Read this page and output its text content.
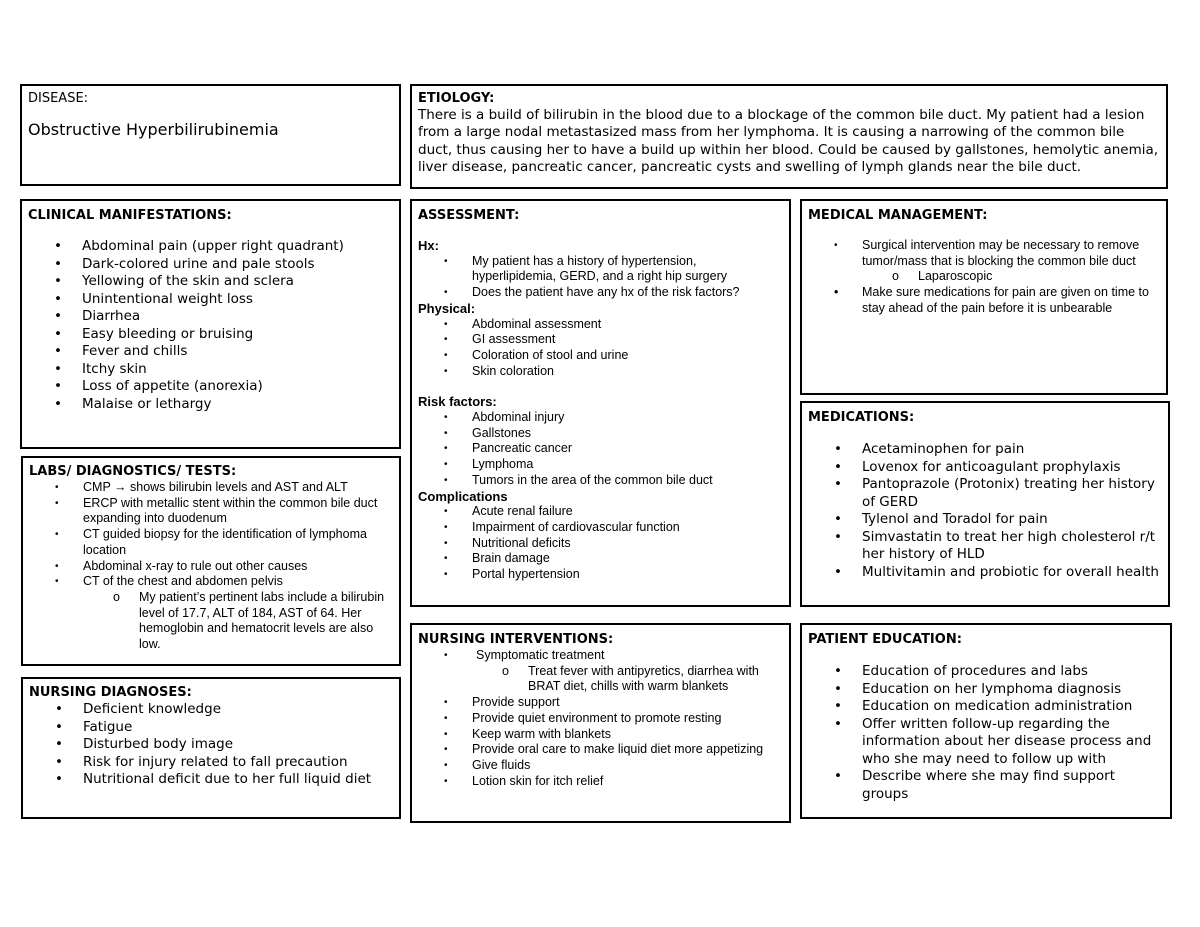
DISEASE:
Obstructive Hyperbilirubinemia
ETIOLOGY:
There is a build of bilirubin in the blood due to a blockage of the common bile duct. My patient had a lesion from a large nodal metastasized mass from her lymphoma. It is causing a narrowing of the common bile duct, thus causing her to have a build up within her blood. Could be caused by gallstones, hemolytic anemia, liver disease, pancreatic cancer, pancreatic cysts and swelling of lymph glands near the bile duct.
CLINICAL MANIFESTATIONS:
• Abdominal pain (upper right quadrant)
• Dark-colored urine and pale stools
• Yellowing of the skin and sclera
• Unintentional weight loss
• Diarrhea
• Easy bleeding or bruising
• Fever and chills
• Itchy skin
• Loss of appetite (anorexia)
• Malaise or lethargy
LABS/ DIAGNOSTICS/ TESTS:
• CMP → shows bilirubin levels and AST and ALT
• ERCP with metallic stent within the common bile duct expanding into duodenum
• CT guided biopsy for the identification of lymphoma location
• Abdominal x-ray to rule out other causes
• CT of the chest and abdomen pelvis
o My patient’s pertinent labs include a bilirubin level of 17.7, ALT of 184, AST of 64. Her hemoglobin and hematocrit levels are also low.
NURSING DIAGNOSES:
• Deficient knowledge
• Fatigue
• Disturbed body image
• Risk for injury related to fall precaution
• Nutritional deficit due to her full liquid diet
ASSESSMENT:
Hx:
• My patient has a history of hypertension, hyperlipidemia, GERD, and a right hip surgery
• Does the patient have any hx of the risk factors?
Physical:
• Abdominal assessment
• GI assessment
• Coloration of stool and urine
• Skin coloration
Risk factors:
• Abdominal injury
• Gallstones
• Pancreatic cancer
• Lymphoma
• Tumors in the area of the common bile duct
Complications
• Acute renal failure
• Impairment of cardiovascular function
• Nutritional deficits
• Brain damage
• Portal hypertension
MEDICAL MANAGEMENT:
• Surgical intervention may be necessary to remove tumor/mass that is blocking the common bile duct
o Laparoscopic
• Make sure medications for pain are given on time to stay ahead of the pain before it is unbearable
MEDICATIONS:
• Acetaminophen for pain
• Lovenox for anticoagulant prophylaxis
• Pantoprazole (Protonix) treating her history of GERD
• Tylenol and Toradol for pain
• Simvastatin to treat her high cholesterol r/t her history of HLD
• Multivitamin and probiotic for overall health
NURSING INTERVENTIONS:
• Symptomatic treatment
o Treat fever with antipyretics, diarrhea with BRAT diet, chills with warm blankets
• Provide support
• Provide quiet environment to promote resting
• Keep warm with blankets
• Provide oral care to make liquid diet more appetizing
• Give fluids
• Lotion skin for itch relief
PATIENT EDUCATION:
• Education of procedures and labs
• Education on her lymphoma diagnosis
• Education on medication administration
• Offer written follow-up regarding the information about her disease process and who she may need to follow up with
• Describe where she may find support groups
